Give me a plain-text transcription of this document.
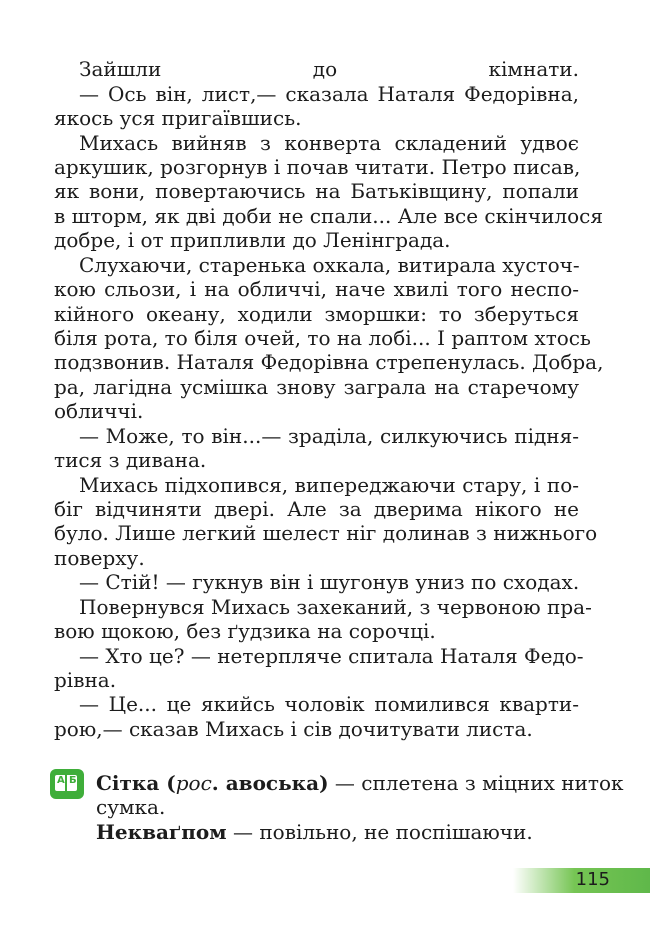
Зайшли до кімнати.
— Ось він, лист,— сказала Наталя Федорівна,
якось уся пригаївшись.
Михась вийняв з конверта складений удвоє
аркушик, розгорнув і почав читати. Петро писав,
як вони, повертаючись на Батьківщину, попали
в шторм, як дві доби не спали... Але все скінчилося
добре, і от припливли до Ленінграда.
Слухаючи, старенька охкала, витирала хусточ-
кою сльози, і на обличчі, наче хвилі того неспо-
кійного океану, ходили зморшки: то зберуться
біля рота, то біля очей, то на лобі... І раптом хтось
подзвонив. Наталя Федорівна стрепенулась. Добра,
ра, лагідна усмішка знову заграла на старечому
обличчі.
— Може, то він...— зраділа, силкуючись підня-
тися з дивана.
Михась підхопився, випереджаючи стару, і по-
біг відчиняти двері. Але за дверима нікого не
було. Лише легкий шелест ніг долинав з нижнього
поверху.
— Стій! — гукнув він і шугонув униз по сходах.
Повернувся Михась захеканий, з червоною пра-
вою щокою, без ґудзика на сорочці.
— Хто це? — нетерпляче спитала Наталя Федо-
рівна.
— Це... це якийсь чоловік помилився кварти-
рою,— сказав Михась і сів дочитувати листа.
А Б Сітка (рос. авоська) — сплетена з міцних ниток
сумка.
Некваґпом — повільно, не поспішаючи.
115
